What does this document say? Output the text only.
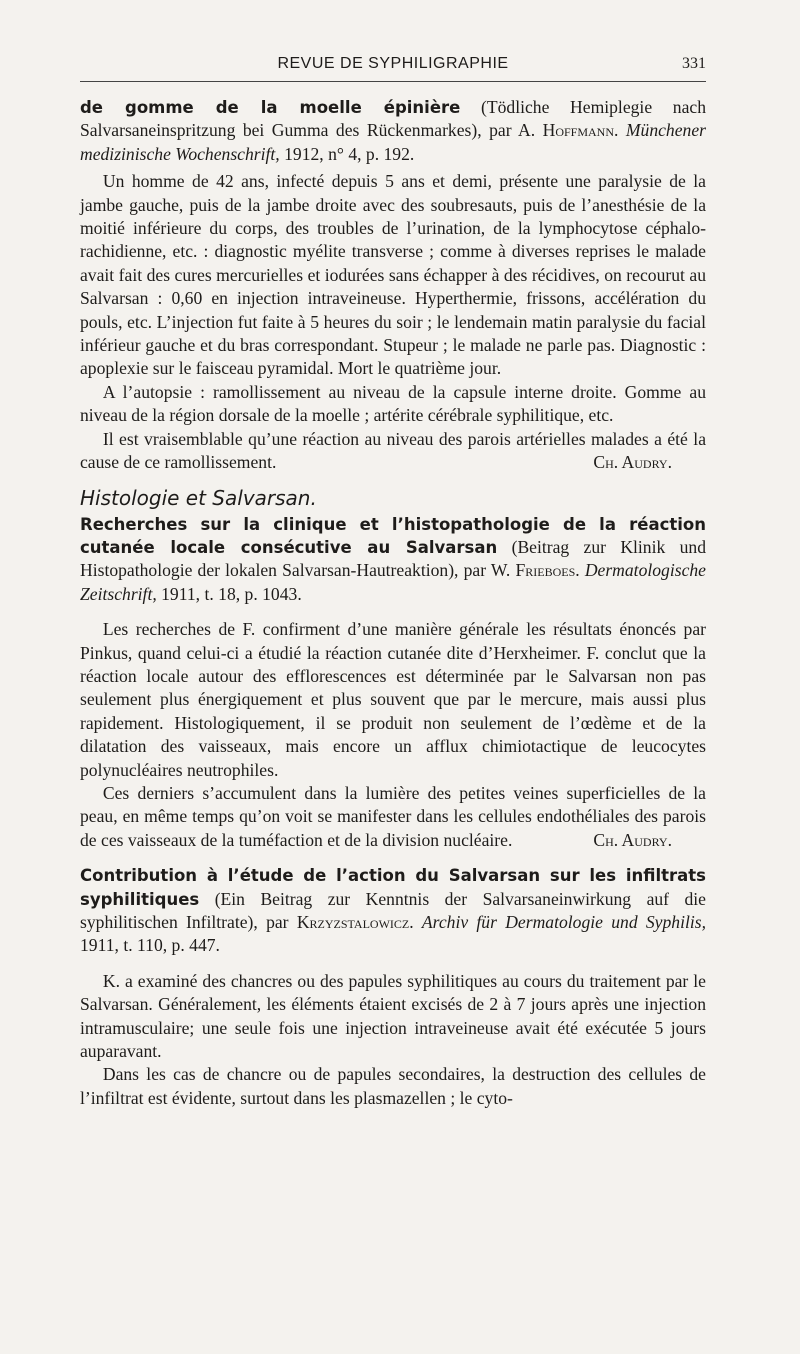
REVUE DE SYPHILIGRAPHIE	331

de gomme de la moelle épinière (Tödliche Hemiplegie nach Salvarsaneinspritzung bei Gumma des Rückenmarkes), par A. Hoffmann. Münchener medizinische Wochenschrift, 1912, n° 4, p. 192.

Un homme de 42 ans, infecté depuis 5 ans et demi, présente une paralysie de la jambe gauche, puis de la jambe droite avec des soubresauts, puis de l’anesthésie de la moitié inférieure du corps, des troubles de l’urination, de la lymphocytose céphalo-rachidienne, etc. : diagnostic myélite transverse ; comme à diverses reprises le malade avait fait des cures mercurielles et iodurées sans échapper à des récidives, on recourut au Salvarsan : 0,60 en injection intraveineuse. Hyperthermie, frissons, accélération du pouls, etc. L’injection fut faite à 5 heures du soir ; le lendemain matin paralysie du facial inférieur gauche et du bras correspondant. Stupeur ; le malade ne parle pas. Diagnostic : apoplexie sur le faisceau pyramidal. Mort le quatrième jour.

A l’autopsie : ramollissement au niveau de la capsule interne droite. Gomme au niveau de la région dorsale de la moelle ; artérite cérébrale syphilitique, etc.

Il est vraisemblable qu’une réaction au niveau des parois artérielles malades a été la cause de ce ramollissement.	Ch. Audry.
Histologie et Salvarsan.

Recherches sur la clinique et l’histopathologie de la réaction cutanée locale consécutive au Salvarsan (Beitrag zur Klinik und Histopathologie der lokalen Salvarsan-Hautreaktion), par W. Frieboes. Dermatologische Zeitschrift, 1911, t. 18, p. 1043.

Les recherches de F. confirment d’une manière générale les résultats énoncés par Pinkus, quand celui-ci a étudié la réaction cutanée dite d’Herxheimer. F. conclut que la réaction locale autour des efflorescences est déterminée par le Salvarsan non pas seulement plus énergiquement et plus souvent que par le mercure, mais aussi plus rapidement. Histologiquement, il se produit non seulement de l’œdème et de la dilatation des vaisseaux, mais encore un afflux chimiotactique de leucocytes polynucléaires neutrophiles.

Ces derniers s’accumulent dans la lumière des petites veines superficielles de la peau, en même temps qu’on voit se manifester dans les cellules endothéliales des parois de ces vaisseaux de la tuméfaction et de la division nucléaire.	Ch. Audry.

Contribution à l’étude de l’action du Salvarsan sur les infiltrats syphilitiques (Ein Beitrag zur Kenntnis der Salvarsaneinwirkung auf die syphilitischen Infiltrate), par Krzyzstalowicz. Archiv für Dermatologie und Syphilis, 1911, t. 110, p. 447.

K. a examiné des chancres ou des papules syphilitiques au cours du traitement par le Salvarsan. Généralement, les éléments étaient excisés de 2 à 7 jours après une injection intramusculaire; une seule fois une injection intraveineuse avait été exécutée 5 jours auparavant.

Dans les cas de chancre ou de papules secondaires, la destruction des cellules de l’infiltrat est évidente, surtout dans les plasmazellen ; le cyto-
